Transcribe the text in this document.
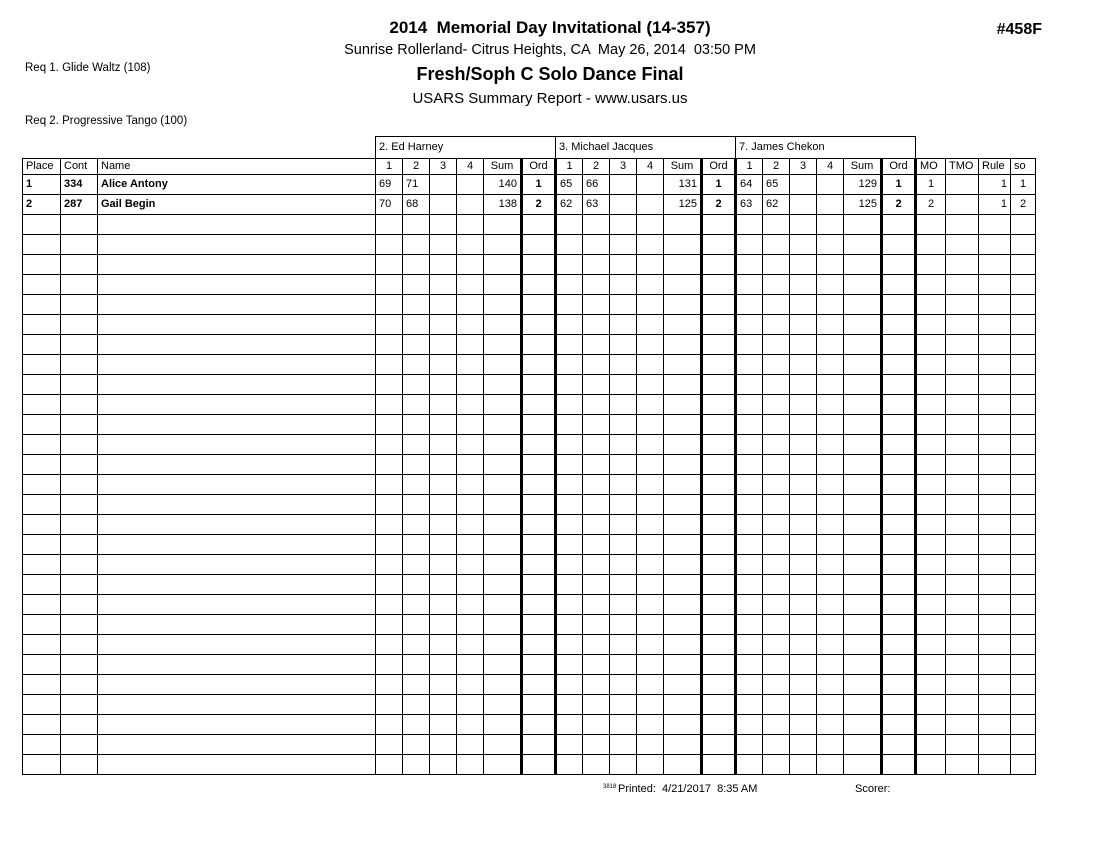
Req 1. Glide Waltz (108)

Req 2. Progressive Tango (100)

2014  Memorial Day Invitational (14-357)
Sunrise Rollerland- Citrus Heights, CA  May 26, 2014  03:50 PM
Fresh/Soph C Solo Dance Final
USARS Summary Report - www.usars.us
#458F
			2. Ed Harney						3. Michael Jacques						7. James Chekon									
Place	Cont	Name	1	2	3	4	Sum	Ord	1	2	3	4	Sum	Ord	1	2	3	4	Sum	Ord	MO	TMO	Rule	so
1	334	Alice Antony	69	71			140	1	65	66			131	1	64	65			129	1	1		1	1
2	287	Gail Begin	70	68			138	2	62	63			125	2	63	62			125	2	2		1	2

3818 Printed:  4/21/2017  8:35 AM	Scorer:
